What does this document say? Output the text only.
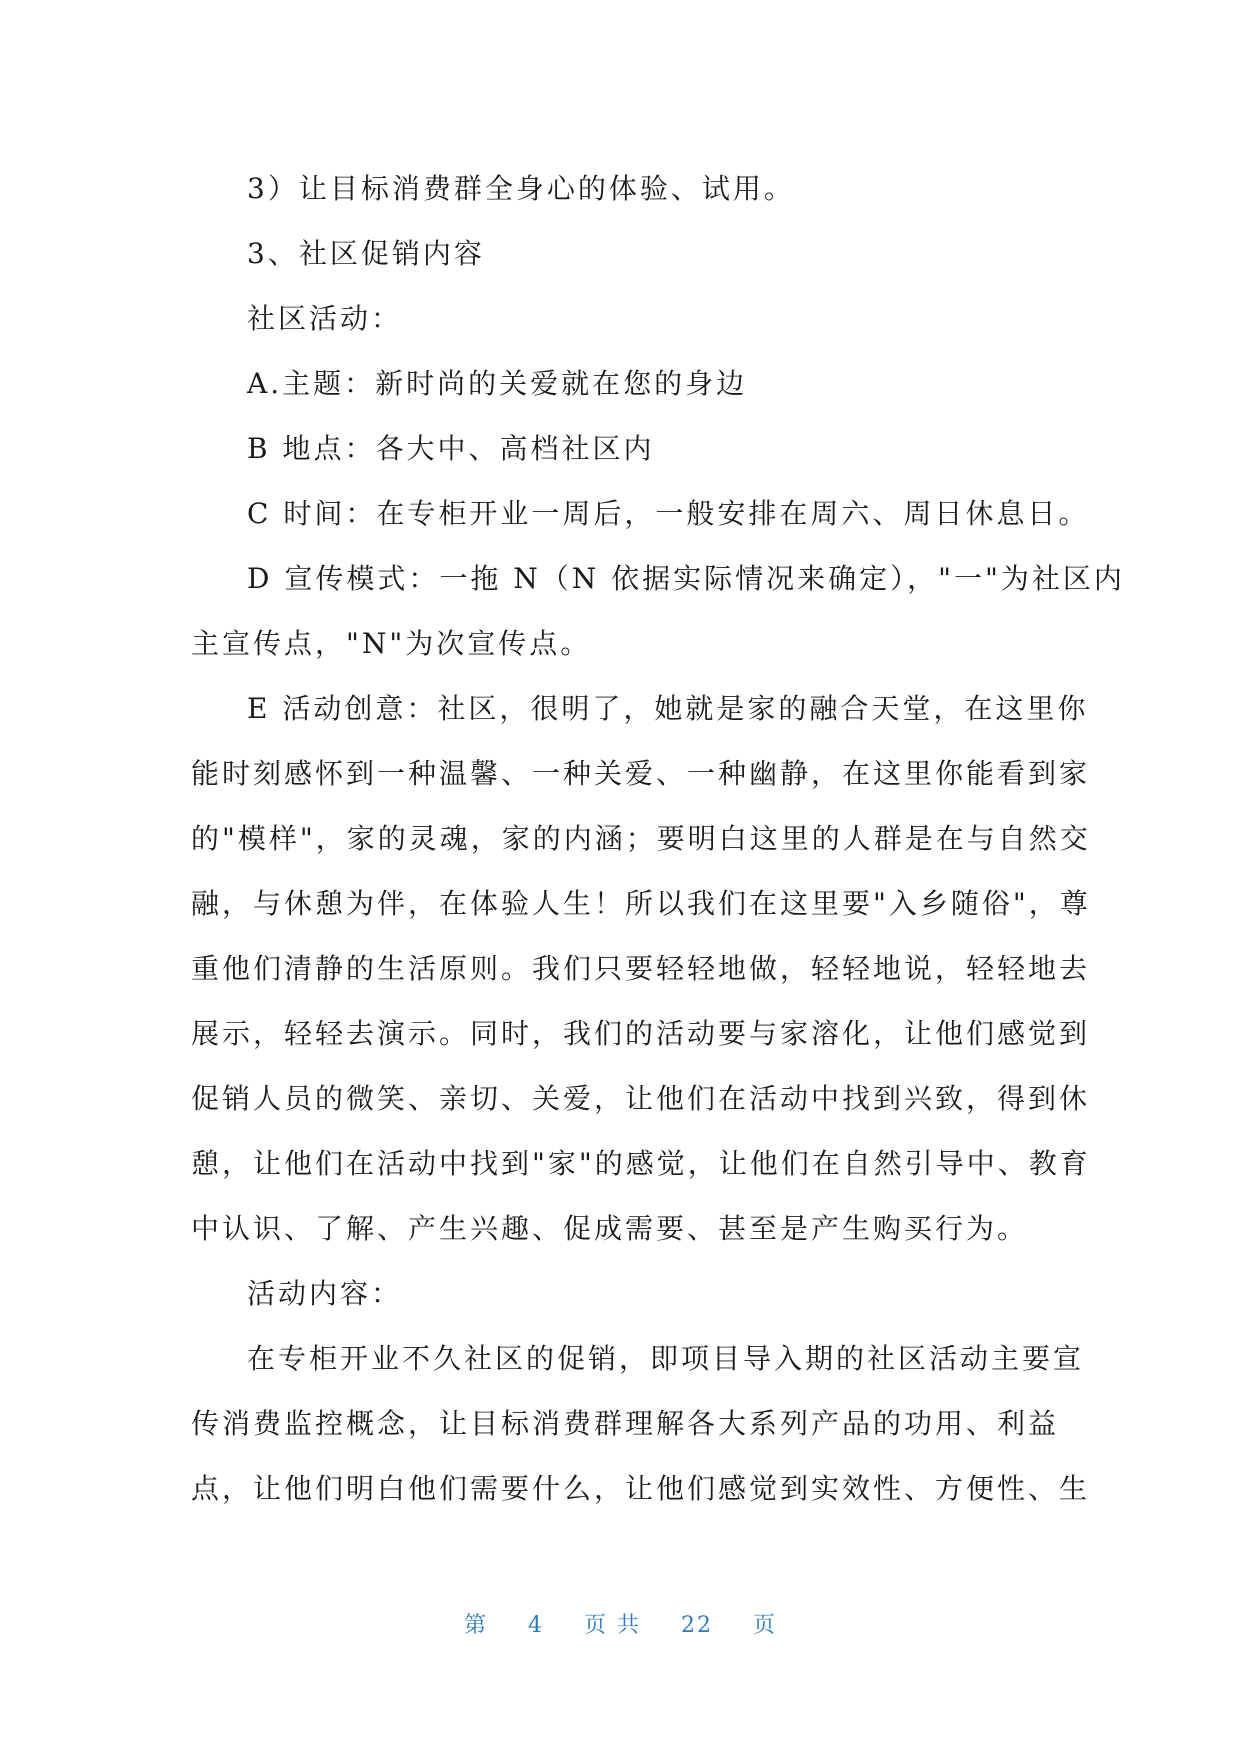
3）让目标消费群全身心的体验、试用。
3、社区促销内容
社区活动：
A.主题：新时尚的关爱就在您的身边
B 地点：各大中、高档社区内
C 时间：在专柜开业一周后，一般安排在周六、周日休息日。
D 宣传模式：一拖 N（N 依据实际情况来确定），"一"为社区内
主宣传点，"N"为次宣传点。
E 活动创意：社区，很明了，她就是家的融合天堂，在这里你
能时刻感怀到一种温馨、一种关爱、一种幽静，在这里你能看到家
的"模样"，家的灵魂，家的内涵；要明白这里的人群是在与自然交
融，与休憩为伴，在体验人生！所以我们在这里要"入乡随俗"，尊
重他们清静的生活原则。我们只要轻轻地做，轻轻地说，轻轻地去
展示，轻轻去演示。同时，我们的活动要与家溶化，让他们感觉到
促销人员的微笑、亲切、关爱，让他们在活动中找到兴致，得到休
憩，让他们在活动中找到"家"的感觉，让他们在自然引导中、教育
中认识、了解、产生兴趣、促成需要、甚至是产生购买行为。
活动内容：
在专柜开业不久社区的促销，即项目导入期的社区活动主要宣
传消费监控概念，让目标消费群理解各大系列产品的功用、利益
点，让他们明白他们需要什么，让他们感觉到实效性、方便性、生
第 4 页 共 22 页
